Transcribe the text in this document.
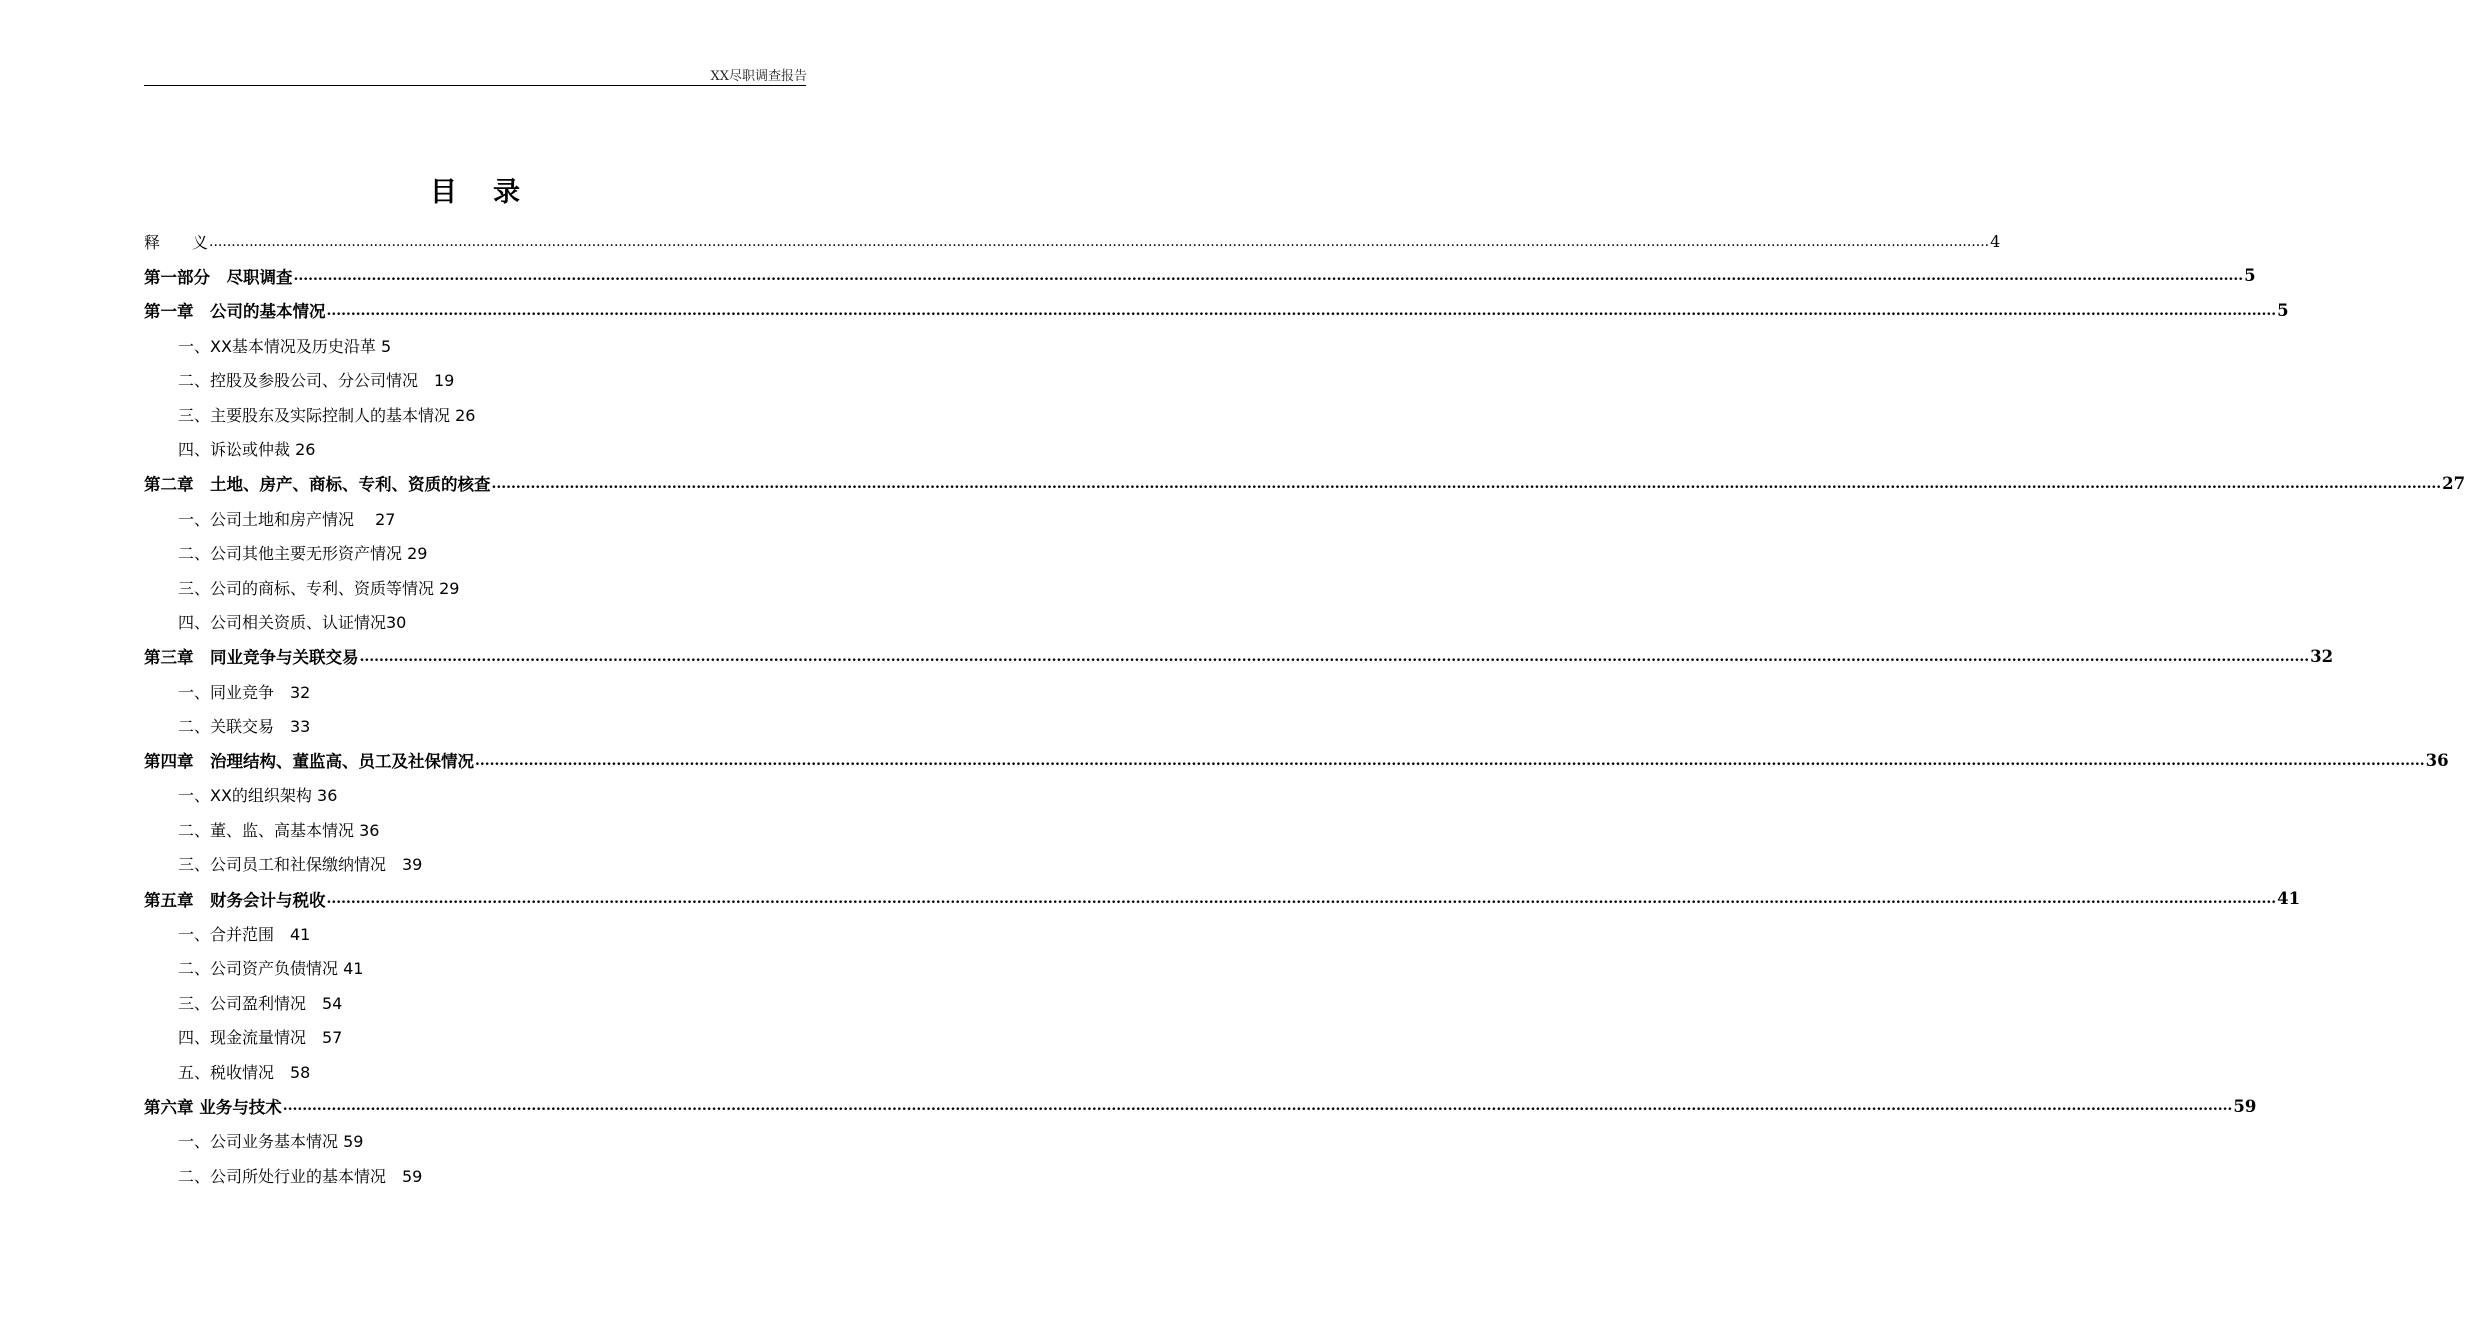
XX尽职调查报告
目录
释　　义 ................................................................................................................................................................................................................................................................................................................................................................................................................ 4
第一部分　尽职调查 ................................................................................................................................................................................................................................................................................................................................................................................................................ 5
第一章　公司的基本情况 ................................................................................................................................................................................................................................................................................................................................................................................................................ 5
一、XX基本情况及历史沿革 5
二、控股及参股公司、分公司情况　19
三、主要股东及实际控制人的基本情况 26
四、诉讼或仲裁 26
第二章　土地、房产、商标、专利、资质的核查 ................................................................................................................................................................................................................................................................................................................................................................................................................ 27
一、公司土地和房产情况　 27
二、公司其他主要无形资产情况 29
三、公司的商标、专利、资质等情况 29
四、公司相关资质、认证情况30
第三章　同业竞争与关联交易 ................................................................................................................................................................................................................................................................................................................................................................................................................ 32
一、同业竞争　32
二、关联交易　33
第四章　治理结构、董监高、员工及社保情况 ................................................................................................................................................................................................................................................................................................................................................................................................................ 36
一、XX的组织架构 36
二、董、监、高基本情况 36
三、公司员工和社保缴纳情况　39
第五章　财务会计与税收 ................................................................................................................................................................................................................................................................................................................................................................................................................ 41
一、合并范围　41
二、公司资产负债情况 41
三、公司盈利情况　54
四、现金流量情况　57
五、税收情况　58
第六章 业务与技术 ................................................................................................................................................................................................................................................................................................................................................................................................................ 59
一、公司业务基本情况 59
二、公司所处行业的基本情况　59
